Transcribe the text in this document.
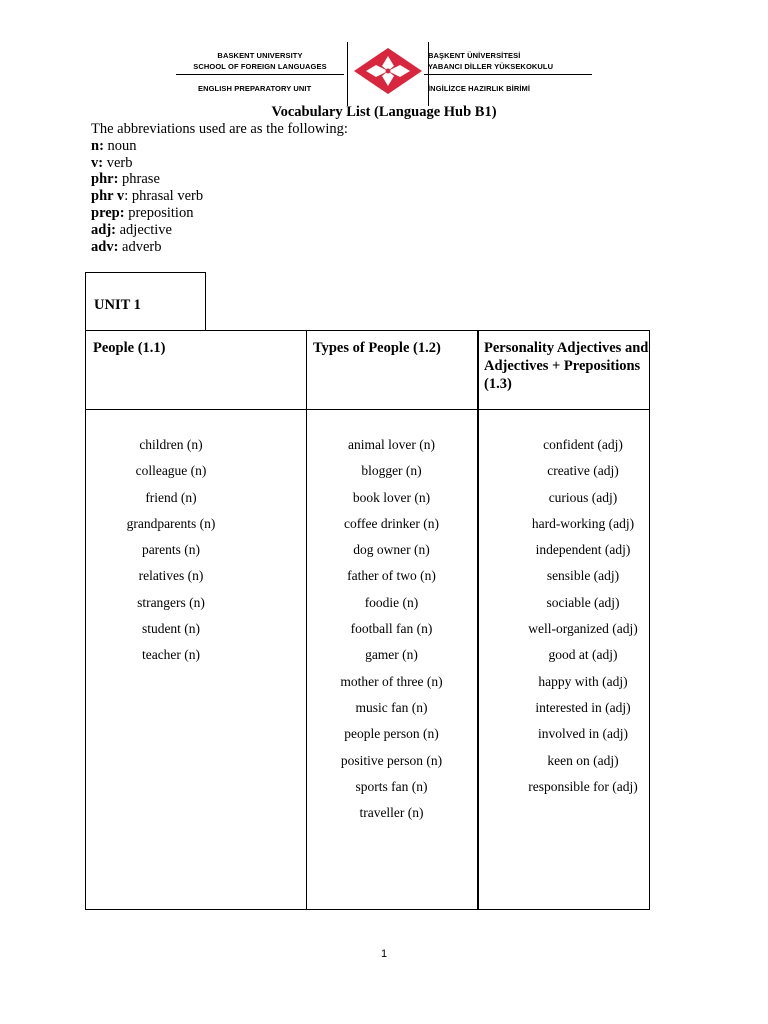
BASKENT UNIVERSITY
SCHOOL OF FOREIGN LANGUAGES
ENGLISH PREPARATORY UNIT
BAŞKENT ÜNİVERSİTESİ
YABANCI DİLLER YÜKSEKOKULU
İNGİLİZCE HAZIRLIK BİRİMİ
Vocabulary List (Language Hub B1)
The abbreviations used are as the following:
n: noun
v: verb
phr: phrase
phr v: phrasal verb
prep: preposition
adj: adjective
adv: adverb
UNIT 1
People (1.1)	Types of People (1.2)	Personality Adjectives and Adjectives + Prepositions (1.3)
children (n)
colleague (n)
friend (n)
grandparents (n)
parents (n)
relatives (n)
strangers (n)
student (n)
teacher (n)
animal lover (n)
blogger (n)
book lover (n)
coffee drinker (n)
dog owner (n)
father of two (n)
foodie (n)
football fan (n)
gamer (n)
mother of three (n)
music fan (n)
people person (n)
positive person (n)
sports fan (n)
traveller (n)
confident (adj)
creative (adj)
curious (adj)
hard-working (adj)
independent (adj)
sensible (adj)
sociable (adj)
well-organized (adj)
good at (adj)
happy with (adj)
interested in (adj)
involved in (adj)
keen on (adj)
responsible for (adj)
1
